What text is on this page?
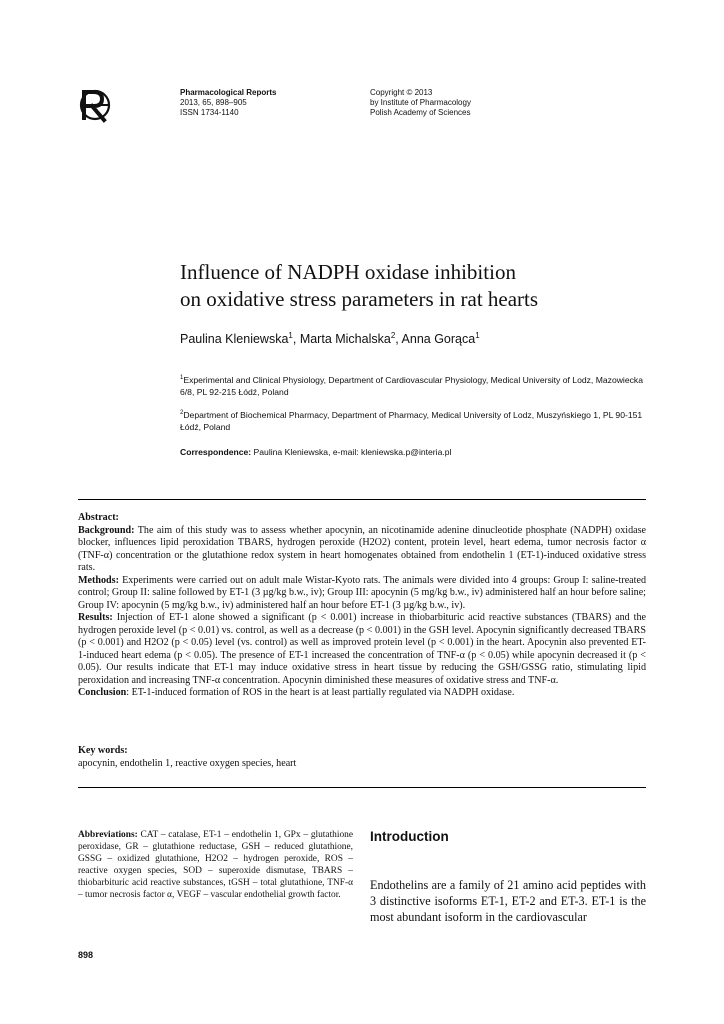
Pharmacological Reports
2013, 65, 898–905
ISSN 1734-1140
Copyright © 2013
by Institute of Pharmacology
Polish Academy of Sciences
Influence of NADPH oxidase inhibition
on oxidative stress parameters in rat hearts
Paulina Kleniewska$^1$, Marta Michalska$^2$, Anna Gorąca$^1$
$^1$Experimental and Clinical Physiology, Department of Cardiovascular Physiology, Medical University of Lodz, Mazowiecka 6/8, PL 92-215 Łódź, Poland
$^2$Department of Biochemical Pharmacy, Department of Pharmacy, Medical University of Lodz, Muszyńskiego 1, PL 90-151 Łódź, Poland
Correspondence: Paulina Kleniewska, e-mail: kleniewska.p@interia.pl

Abstract:

Background: The aim of this study was to assess whether apocynin, an nicotinamide adenine dinucleotide phosphate (NADPH) oxidase blocker, influences lipid peroxidation TBARS, hydrogen peroxide (H2O2) content, protein level, heart edema, tumor necrosis factor α (TNF-α) concentration or the glutathione redox system in heart homogenates obtained from endothelin 1 (ET-1)-induced oxidative stress rats.

Methods: Experiments were carried out on adult male Wistar-Kyoto rats. The animals were divided into 4 groups: Group I: saline-treated control; Group II: saline followed by ET-1 (3 µg/kg b.w., iv); Group III: apocynin (5 mg/kg b.w., iv) administered half an hour before saline; Group IV: apocynin (5 mg/kg b.w., iv) administered half an hour before ET-1 (3 µg/kg b.w., iv).

Results: Injection of ET-1 alone showed a significant (p < 0.001) increase in thiobarbituric acid reactive substances (TBARS) and the hydrogen peroxide level (p < 0.01) vs. control, as well as a decrease (p < 0.001) in the GSH level. Apocynin significantly decreased TBARS (p < 0.001) and H2O2 (p < 0.05) level (vs. control) as well as improved protein level (p < 0.001) in the heart. Apocynin also prevented ET-1-induced heart edema (p < 0.05). The presence of ET-1 increased the concentration of TNF-α (p < 0.05) while apocynin decreased it (p < 0.05). Our results indicate that ET-1 may induce oxidative stress in heart tissue by reducing the GSH/GSSG ratio, stimulating lipid peroxidation and increasing TNF-α concentration. Apocynin diminished these measures of oxidative stress and TNF-α.

Conclusion: ET-1-induced formation of ROS in the heart is at least partially regulated via NADPH oxidase.

Key words:

apocynin, endothelin 1, reactive oxygen species, heart

Abbreviations: CAT – catalase, ET-1 – endothelin 1, GPx – glutathione peroxidase, GR – glutathione reductase, GSH – reduced glutathione, GSSG – oxidized glutathione, H2O2 – hydrogen peroxide, ROS – reactive oxygen species, SOD – superoxide dismutase, TBARS – thiobarbituric acid reactive substances, tGSH – total glutathione, TNF-α – tumor necrosis factor α, VEGF – vascular endothelial growth factor.

Introduction

Endothelins are a family of 21 amino acid peptides with 3 distinctive isoforms ET-1, ET-2 and ET-3. ET-1 is the most abundant isoform in the cardiovascular

898
